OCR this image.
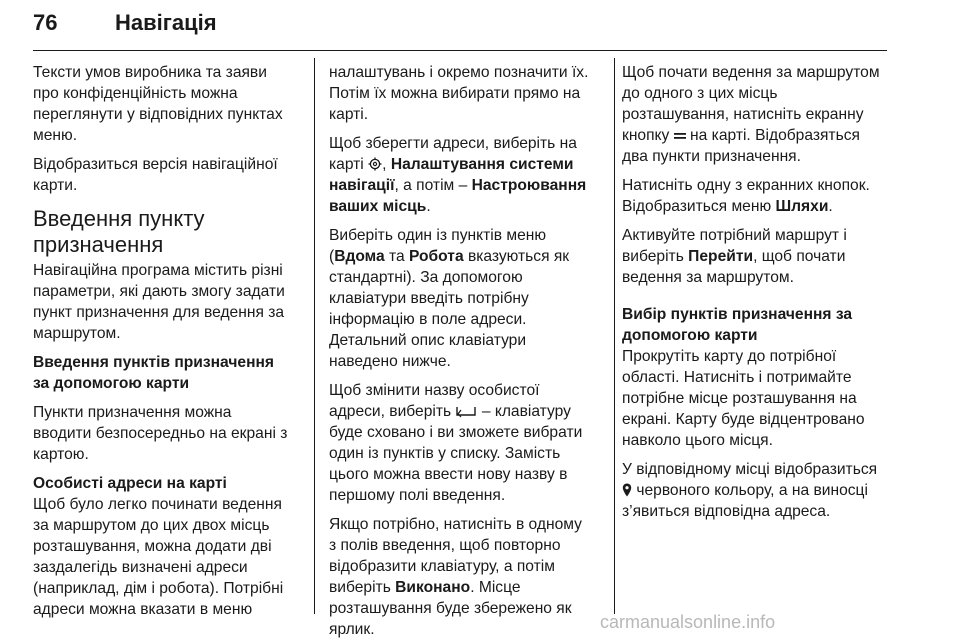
76	Навігація
Тексти умов виробника та заяви
про конфіденційність можна
переглянути у відповідних пунктах
меню.
Відобразиться версія навігаційної
карти.
Введення пункту
призначення
Навігаційна програма містить різні
параметри, які дають змогу задати
пункт призначення для ведення за
маршрутом.
Введення пунктів призначення
за допомогою карти
Пункти призначення можна
вводити безпосередньо на екрані з
картою.
Особисті адреси на карті
Щоб було легко починати ведення
за маршрутом до цих двох місць
розташування, можна додати дві
заздалегідь визначені адреси
(наприклад, дім і робота). Потрібні
адреси можна вказати в меню
налаштувань і окремо позначити їх.
Потім їх можна вибирати прямо на
карті.
Щоб зберегти адреси, виберіть на
карті , Налаштування системи
навігації, а потім – Настроювання
ваших місць.
Виберіть один із пунктів меню
(Вдома та Робота вказуються як
стандартні). За допомогою
клавіатури введіть потрібну
інформацію в поле адреси.
Детальний опис клавіатури
наведено нижче.
Щоб змінити назву особистої
адреси, виберіть – клавіатуру
буде сховано і ви зможете вибрати
один із пунктів у списку. Замість
цього можна ввести нову назву в
першому полі введення.
Якщо потрібно, натисніть в одному
з полів введення, щоб повторно
відобразити клавіатуру, а потім
виберіть Виконано. Місце
розташування буде збережено як
ярлик.
Щоб почати ведення за маршрутом
до одного з цих місць
розташування, натисніть екранну
кнопку на карті. Відобразяться
два пункти призначення.
Натисніть одну з екранних кнопок.
Відобразиться меню Шляхи.
Активуйте потрібний маршрут і
виберіть Перейти, щоб почати
ведення за маршрутом.
Вибір пунктів призначення за
допомогою карти
Прокрутіть карту до потрібної
області. Натисніть і потримайте
потрібне місце розташування на
екрані. Карту буде відцентровано
навколо цього місця.
У відповідному місці відобразиться
червоного кольору, а на виносці
з’явиться відповідна адреса.
carmanualsonline.info
